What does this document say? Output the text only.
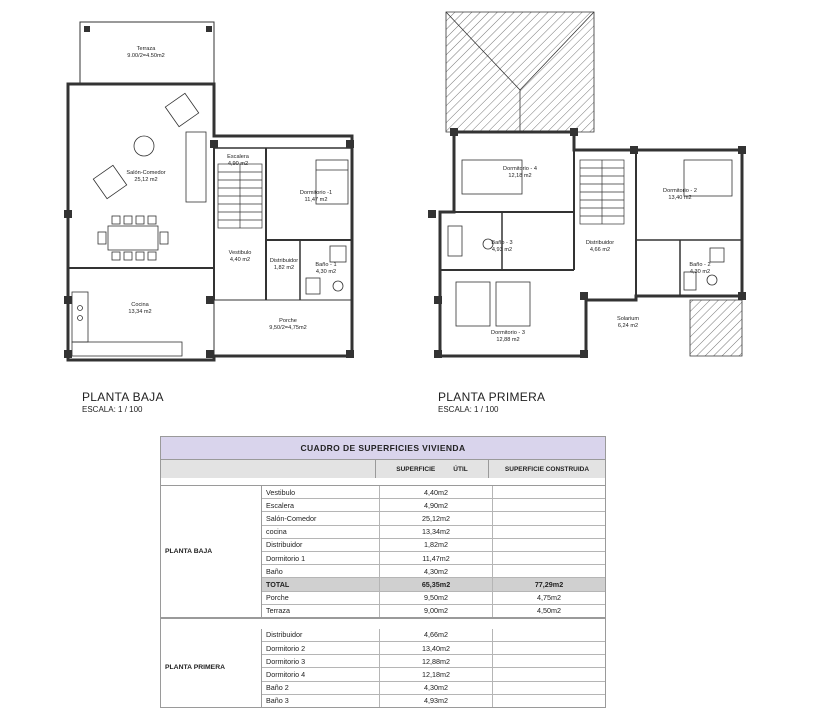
Terraza
9.00/2=4.50m2
Salón-Comedor
25,12 m2
Escalera
4,90 m2
Dormitorio -1
11,47 m2
Vestibulo
4,40 m2	Distribuidor
1,82 m2	Baño - 1
4,30 m2
Cocina
13,34 m2
Porche
9,50/2=4,75m2
Dormitorio - 4
12,18 m2
Dormitorio - 2
13,40 m2
Baño - 3
4,93 m2
Distribuidor
4,66 m2
Baño - 2
4,30 m2
Solarium
6,24 m2
Dormitorio - 3
12,88 m2
PLANTA BAJA
ESCALA: 1 / 100
PLANTA PRIMERA
ESCALA: 1 / 100
CUADRO DE SUPERFICIES VIVIENDA
SUPERFICIE	ÚTIL	SUPERFICIE CONSTRUIDA
PLANTA BAJA
Vestibulo	4,40m2
Escalera	4,90m2
Salón-Comedor	25,12m2
cocina	13,34m2
Distribuidor	1,82m2
Dormitorio 1	11,47m2
Baño	4,30m2
TOTAL	65,35m2	77,29m2
Porche	9,50m2	4,75m2
Terraza	9,00m2	4,50m2
PLANTA PRIMERA
Distribuidor	4,66m2
Dormitorio 2	13,40m2
Dormitorio 3	12,88m2
Dormitorio 4	12,18m2
Baño 2	4,30m2
Baño 3	4,93m2
